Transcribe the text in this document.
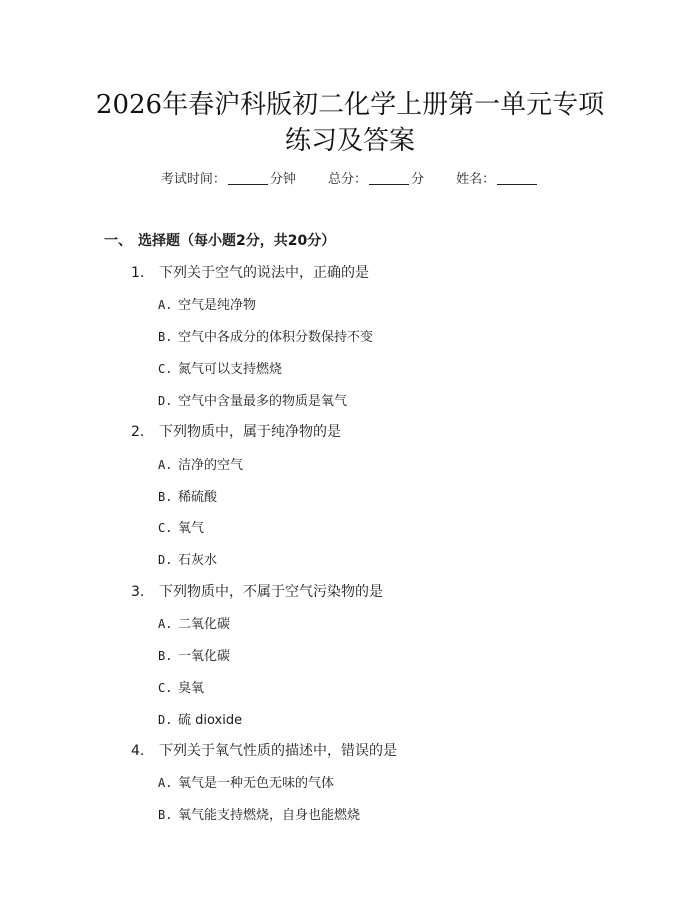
2026年春沪科版初二化学上册第一单元专项
练习及答案
考试时间：	分钟 总分：	分 姓名：
一、 选择题（每小题2分，共20分）
1. 下列关于空气的说法中，正确的是
A. 空气是纯净物
B. 空气中各成分的体积分数保持不变
C. 氮气可以支持燃烧
D. 空气中含量最多的物质是氧气
2. 下列物质中，属于纯净物的是
A. 洁净的空气
B. 稀硫酸
C. 氧气
D. 石灰水
3. 下列物质中，不属于空气污染物的是
A. 二氧化碳
B. 一氧化碳
C. 臭氧
D. 硫 dioxide
4. 下列关于氧气性质的描述中，错误的是
A. 氧气是一种无色无味的气体
B. 氧气能支持燃烧，自身也能燃烧
